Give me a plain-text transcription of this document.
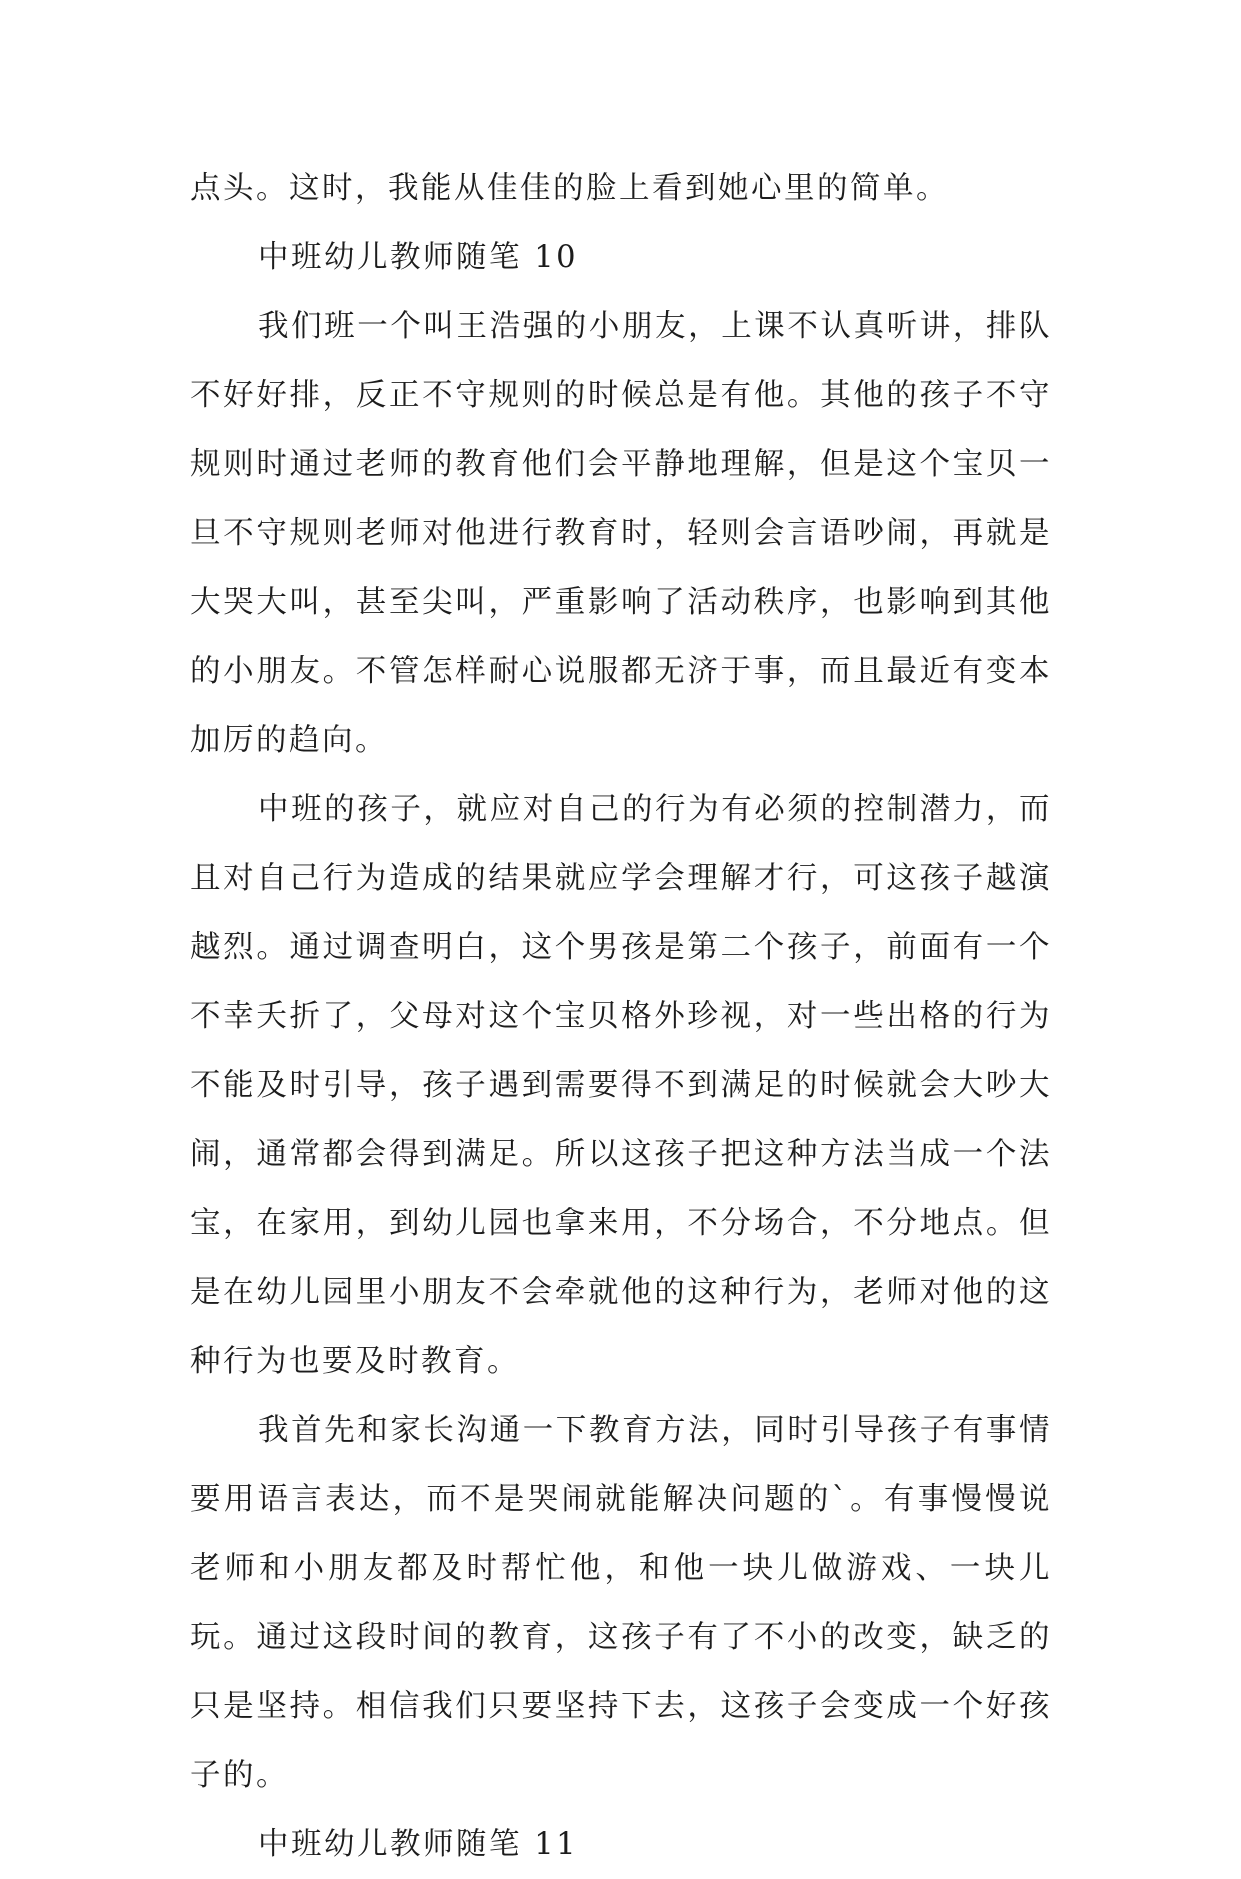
点头。这时，我能从佳佳的脸上看到她心里的简单。

中班幼儿教师随笔 10

我们班一个叫王浩强的小朋友，上课不认真听讲，排队不好好排，反正不守规则的时候总是有他。其他的孩子不守规则时通过老师的教育他们会平静地理解，但是这个宝贝一旦不守规则老师对他进行教育时，轻则会言语吵闹，再就是大哭大叫，甚至尖叫，严重影响了活动秩序，也影响到其他的小朋友。不管怎样耐心说服都无济于事，而且最近有变本加厉的趋向。

中班的孩子，就应对自己的行为有必须的控制潜力，而且对自己行为造成的结果就应学会理解才行，可这孩子越演越烈。通过调查明白，这个男孩是第二个孩子，前面有一个不幸夭折了，父母对这个宝贝格外珍视，对一些出格的行为不能及时引导，孩子遇到需要得不到满足的时候就会大吵大闹，通常都会得到满足。所以这孩子把这种方法当成一个法宝，在家用，到幼儿园也拿来用，不分场合，不分地点。但是在幼儿园里小朋友不会牵就他的这种行为，老师对他的这种行为也要及时教育。

我首先和家长沟通一下教育方法，同时引导孩子有事情要用语言表达，而不是哭闹就能解决问题的`。有事慢慢说老师和小朋友都及时帮忙他，和他一块儿做游戏、一块儿玩。通过这段时间的教育，这孩子有了不小的改变，缺乏的只是坚持。相信我们只要坚持下去，这孩子会变成一个好孩子的。

中班幼儿教师随笔 11
